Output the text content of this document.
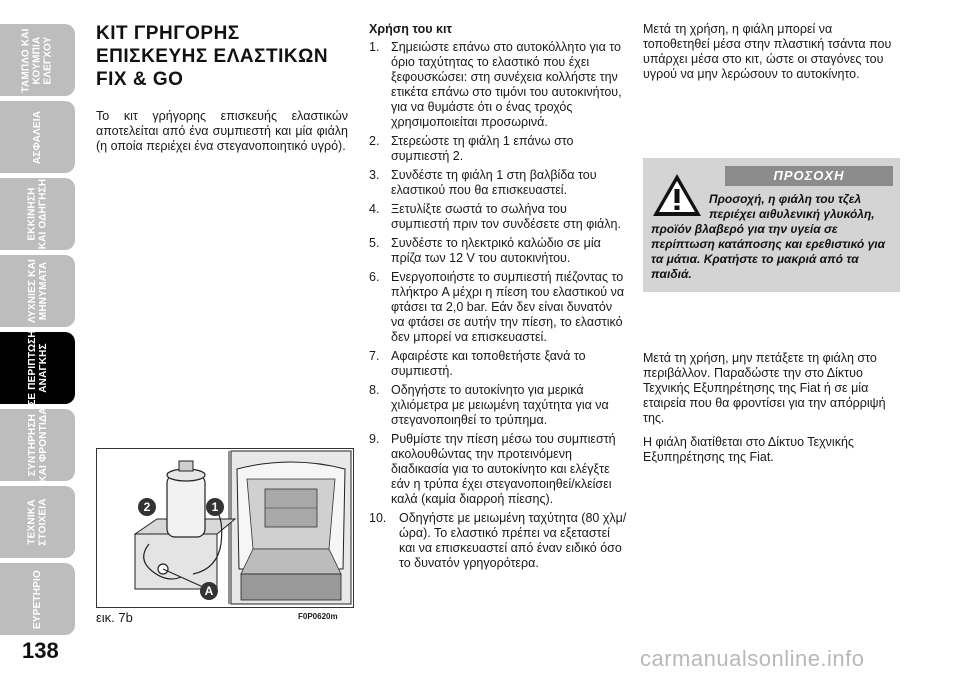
ΤΑΜΠΛΟ ΚΑΙ
ΚΟΥΜΠΙΑ
ΕΛΕΓΧΟΥ
ΑΣΦΑΛΕΙΑ
ΕΚΚΙΝΗΣΗ
ΚΑΙ ΟΔΗΓΗΣΗ
ΛΥΧΝΙΕΣ ΚΑΙ
ΜΗΝΥΜΑΤΑ
ΣΕ ΠΕΡΙΠΤΩΣΗ
ΑΝΑΓΚΗΣ
ΣΥΝΤΗΡΗΣΗ
ΚΑΙ ΦΡΟΝΤΙΔΑ
ΤΕΧΝΙΚΑ
ΣΤΟΙΧΕΙΑ
ΕΥΡΕΤΗΡΙΟ
138
ΚΙΤ ΓΡΗΓΟΡΗΣ ΕΠΙΣΚΕΥΗΣ ΕΛΑΣΤΙΚΩΝ FIX & GO

Το κιτ γρήγορης επισκευής ελαστικών αποτελείται από ένα συμπιεστή και μία φιάλη (η οποία περιέχει ένα στεγανοποιητικό υγρό).

2	1
A
εικ. 7b	F0P0620m
Χρήση του κιτ
1. Σημειώστε επάνω στο αυτοκόλλητο για το όριο ταχύτητας το ελαστικό που έχει ξεφουσκώσει: στη συνέχεια κολλήστε την ετικέτα επάνω στο τιμόνι του αυτοκινήτου, για να θυμάστε ότι ο ένας τροχός χρησιμοποιείται προσωρινά.
2. Στερεώστε τη φιάλη 1 επάνω στο συμπιεστή 2.
3. Συνδέστε τη φιάλη 1 στη βαλβίδα του ελαστικού που θα επισκευαστεί.
4. Ξετυλίξτε σωστά το σωλήνα του συμπιεστή πριν τον συνδέσετε στη φιάλη.
5. Συνδέστε το ηλεκτρικό καλώδιο σε μία πρίζα των 12 V του αυτοκινήτου.
6. Ενεργοποιήστε το συμπιεστή πιέζοντας το πλήκτρο A μέχρι η πίεση του ελαστικού να φτάσει τα 2,0 bar. Εάν δεν είναι δυνατόν να φτάσει σε αυτήν την πίεση, το ελαστικό δεν μπορεί να επισκευαστεί.
7. Αφαιρέστε και τοποθετήστε ξανά το συμπιεστή.
8. Οδηγήστε το αυτοκίνητο για μερικά χιλιόμετρα με μειωμένη ταχύτητα για να στεγανοποιηθεί το τρύπημα.
9. Ρυθμίστε την πίεση μέσω του συμπιεστή ακολουθώντας την προτεινόμενη διαδικασία για το αυτοκίνητο και ελέγξτε εάν η τρύπα έχει στεγανοποιηθεί/κλείσει καλά (καμία διαρροή πίεσης).
10. Οδηγήστε με μειωμένη ταχύτητα (80 χλμ/ώρα). Το ελαστικό πρέπει να εξεταστεί και να επισκευαστεί από έναν ειδικό όσο το δυνατόν γρηγορότερα.

Μετά τη χρήση, η φιάλη μπορεί να τοποθετηθεί μέσα στην πλαστική τσάντα που υπάρχει μέσα στο κιτ, ώστε οι σταγόνες του υγρού να μην λερώσουν το αυτοκίνητο.

ΠΡΟΣΟΧΗ
Προσοχή, η φιάλη του τζελ περιέχει αιθυλενική γλυκόλη,
προϊόν βλαβερό για την υγεία σε περίπτωση κατάποσης και ερεθιστικό για τα μάτια. Κρατήστε το μακριά από τα παιδιά.

Μετά τη χρήση, μην πετάξετε τη φιάλη στο περιβάλλον. Παραδώστε την στο Δίκτυο Τεχνικής Εξυπηρέτησης της Fiat ή σε μία εταιρεία που θα φροντίσει για την απόρριψή της.

Η φιάλη διατίθεται στο Δίκτυο Τεχνικής Εξυπηρέτησης της Fiat.

carmanualsonline.info
